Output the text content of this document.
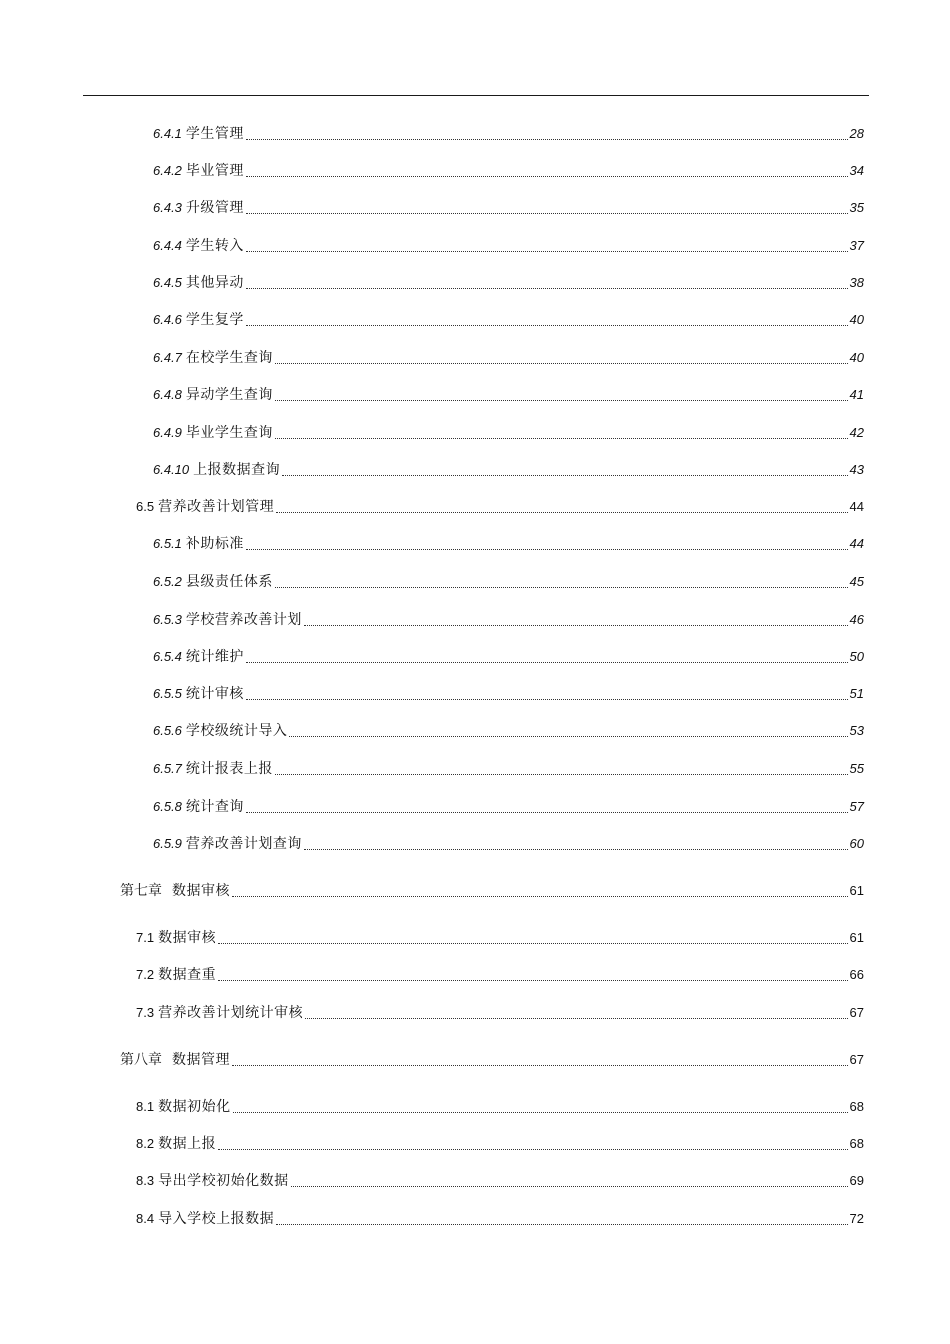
6.4.1 学生管理	28
6.4.2 毕业管理	34
6.4.3 升级管理	35
6.4.4 学生转入	37
6.4.5 其他异动	38
6.4.6 学生复学	40
6.4.7 在校学生查询	40
6.4.8 异动学生查询	41
6.4.9 毕业学生查询	42
6.4.10 上报数据查询	43
6.5 营养改善计划管理	44
6.5.1 补助标准	44
6.5.2 县级责任体系	45
6.5.3 学校营养改善计划	46
6.5.4 统计维护	50
6.5.5 统计审核	51
6.5.6 学校级统计导入	53
6.5.7 统计报表上报	55
6.5.8 统计查询	57
6.5.9 营养改善计划查询	60
第七章 数据审核	61
7.1 数据审核	61
7.2 数据查重	66
7.3 营养改善计划统计审核	67
第八章 数据管理	67
8.1 数据初始化	68
8.2 数据上报	68
8.3 导出学校初始化数据	69
8.4 导入学校上报数据	72
